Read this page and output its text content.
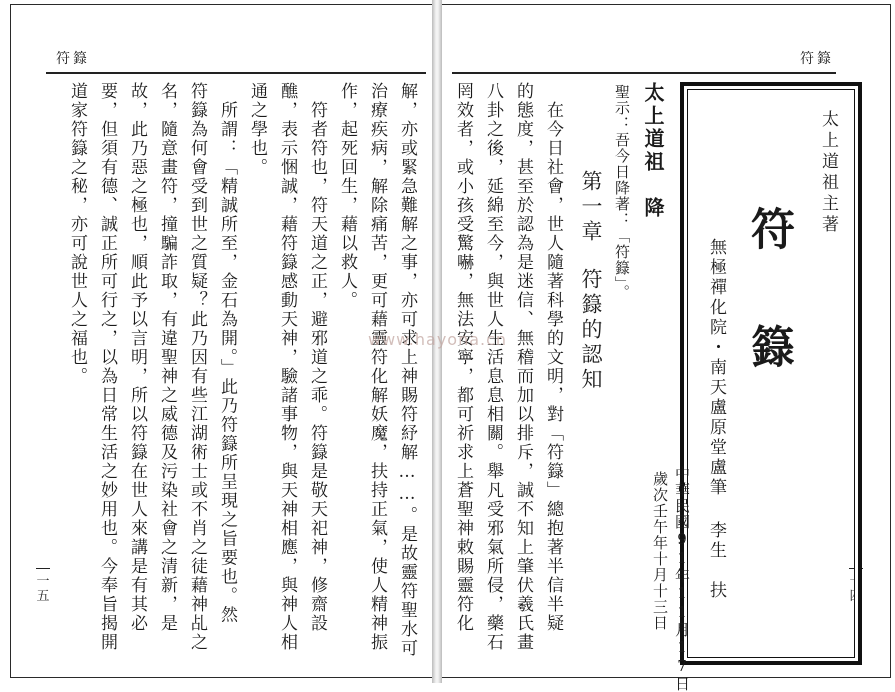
符籙
一
五	解，亦或緊急難解之事，亦可求上神賜符紓解……。是故靈符聖水可
治療疾病，解除痛苦，更可藉靈符化解妖魔，扶持正氣，使人精神振
作，起死回生，藉以救人。
　符者符也，符天道之正，避邪道之乖。符籙是敬天祀神，修齋設
醮，表示悃誠，藉符籙感動天神，驗諸事物，與天神相應，與神人相
通之學也。
　所謂：「精誠所至，金石為開。」此乃符籙所呈現之旨要也。然
符籙為何會受到世之質疑？此乃因有些江湖術士或不肖之徒藉神乩之
名，隨意畫符，撞騙詐取，有違聖神之威德及污染社會之清新，是
故，此乃惡之極也，順此予以言明，所以符籙在世人來講是有其必
要，但須有德、誠正所可行之，以為日常生活之妙用也。今奉旨揭開
道家符籙之秘，亦可說世人之福也。
符籙
一
四
太上道祖主著
符
籙
無極禪化院・南天盧原堂盧筆 李生　扶
中華民國91年11月17日
歲次壬午年十月十三日
太上道祖　降
聖示：吾今日降著：「符籙」。
第一章
符籙的認知
　在今日社會，世人隨著科學的文明，對「符籙」總抱著半信半疑
的態度，甚至於認為是迷信、無稽而加以排斥，誠不知上肇伏羲氏畫
八卦之後，延綿至今，與世人生活息息相關。舉凡受邪氣所侵，藥石
罔效者，或小孩受驚嚇，無法安寧，都可祈求上蒼聖神敕賜靈符化
www.hayona.cn
